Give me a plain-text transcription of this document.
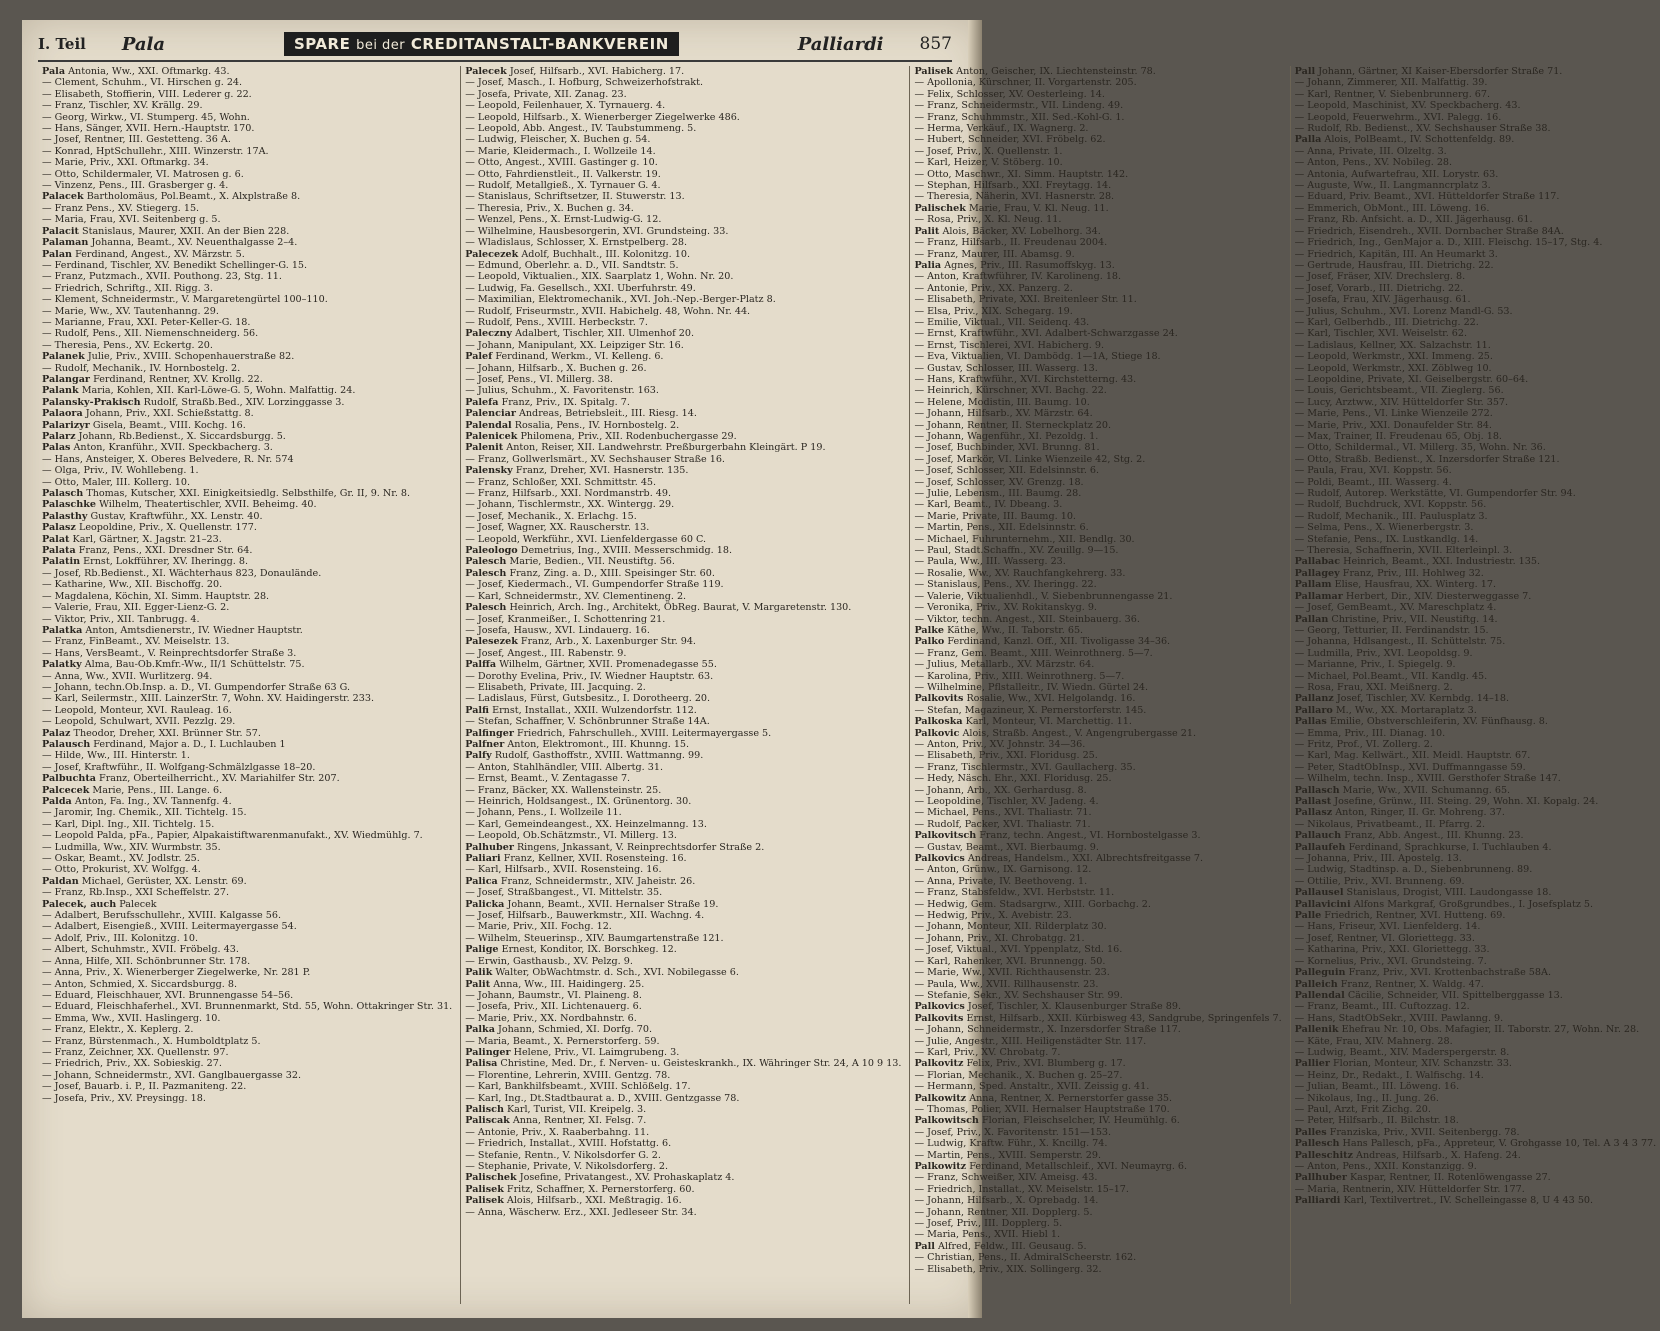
I. Teil Pala	SPARE bei der CREDITANSTALT-BANKVEREIN	Palliardi 857

Pala Antonia, Ww., XXI. Oftmarkg. 43.

— Clement, Schuhm., VI. Hirschen g. 24.

— Elisabeth, Stoffierin, VIII. Lederer g. 22.

— Franz, Tischler, XV. Krällg. 29.

— Georg, Wirkw., VI. Stumperg. 45, Wohn.

— Hans, Sänger, XVII. Hern.-Hauptstr. 170.

— Josef, Rentner, III. Gestetteng. 36 A.

— Konrad, HptSchullehr., XIII. Winzerstr. 17A.

— Marie, Priv., XXI. Oftmarkg. 34.

— Otto, Schildermaler, VI. Matrosen g. 6.

— Vinzenz, Pens., III. Grasberger g. 4.

Palacek Bartholomäus, Pol.Beamt., X. Alxplstraße 8.

— Franz Pens., XV. Stiegerg. 15.

— Maria, Frau, XVI. Seitenberg g. 5.

Palacit Stanislaus, Maurer, XXII. An der Bien 228.

Palaman Johanna, Beamt., XV. Neuenthalgasse 2–4.

Palan Ferdinand, Angest., XV. Märzstr. 5.

— Ferdinand, Tischler, XV. Benedikt Schellinger-G. 15.

— Franz, Putzmach., XVII. Pouthong. 23, Stg. 11.

— Friedrich, Schriftg., XII. Rigg. 3.

— Klement, Schneidermstr., V. Margaretengürtel 100–110.

— Marie, Ww., XV. Tautenhanng. 29.

— Marianne, Frau, XXI. Peter-Keller-G. 18.

— Rudolf, Pens., XII. Niemenschneiderg. 56.

— Theresia, Pens., XV. Eckertg. 20.

Palanek Julie, Priv., XVIII. Schopenhauerstraße 82.

— Rudolf, Mechanik., IV. Hornbostelg. 2.

Palangar Ferdinand, Rentner, XV. Krollg. 22.

Palank Maria, Kohlen, XII. Karl-Löwe-G. 5, Wohn. Malfattig. 24.

Palansky-Prakisch Rudolf, Straßb.Bed., XIV. Lorzinggasse 3.

Palaora Johann, Priv., XXI. Schießstattg. 8.

Palarizyr Gisela, Beamt., VIII. Kochg. 16.

Palarz Johann, Rb.Bedienst., X. Siccardsburgg. 5.

Palas Anton, Kranführ., XVII. Speckbacherg. 3.

— Hans, Ansteiger, X. Oberes Belvedere, R. Nr. 574

— Olga, Priv., IV. Wohllebeng. 1.

— Otto, Maler, III. Kollerg. 10.

Palasch Thomas, Kutscher, XXI. Einigkeitsiedlg. Selbsthilfe, Gr. II, 9. Nr. 8.

Palaschke Wilhelm, Theatertischler, XVII. Beheimg. 40.

Palasthy Gustav, Kraftwführ., XX. Lenstr. 40.

Palasz Leopoldine, Priv., X. Quellenstr. 177.

Palat Karl, Gärtner, X. Jagstr. 21–23.

Palata Franz, Pens., XXI. Dresdner Str. 64.

Palatin Ernst, Lokfführer, XV. Iheringg. 8.

— Josef, Rb.Bedienst., XI. Wächterhaus 823, Donaulände.

— Katharine, Ww., XII. Bischoffg. 20.

— Magdalena, Köchin, XI. Simm. Hauptstr. 28.

— Valerie, Frau, XII. Egger-Lienz-G. 2.

— Viktor, Priv., XII. Tanbrugg. 4.

Palatka Anton, Amtsdienerstr., IV. Wiedner Hauptstr.

— Franz, FinBeamt., XV. Meiselstr. 13.

— Hans, VersBeamt., V. Reinprechtsdorfer Straße 3.

Palatky Alma, Bau-Ob.Kmfr.-Ww., II/1 Schüttelstr. 75.

— Anna, Ww., XVII. Wurlitzerg. 94.

— Johann, techn.Ob.Insp. a. D., VI. Gumpendorfer Straße 63 G.

— Karl, Seilermstr., XIII. LainzerStr. 7, Wohn. XV. Haidingerstr. 233.

— Leopold, Monteur, XVI. Rauleag. 16.

— Leopold, Schulwart, XVII. Pezzlg. 29.

Palaz Theodor, Dreher, XXI. Brünner Str. 57.

Palausch Ferdinand, Major a. D., I. Luchlauben 1

— Hilde, Ww., III. Hinterstr. 1.

— Josef, Kraftwführ., II. Wolfgang-Schmälzlgasse 18–20.

Palbuchta Franz, Oberteilherricht., XV. Mariahilfer Str. 207.

Palcecek Marie, Pens., III. Lange. 6.

Palda Anton, Fa. Ing., XV. Tannenfg. 4.

— Jaromir, Ing. Chemik., XII. Tichtelg. 15.

— Karl, Dipl. Ing., XII. Tichtelg. 15.

— Leopold Palda, pFa., Papier, Alpakaistiftwarenmanufakt., XV. Wiedmühlg. 7.

— Ludmilla, Ww., XIV. Wurmbstr. 35.

— Oskar, Beamt., XV. Jodlstr. 25.

— Otto, Prokurist, XV. Wolfgg. 4.

Paldan Michael, Gerüster, XX. Lenstr. 69.

— Franz, Rb.Insp., XXI Scheffelstr. 27.

Palecek, auch Palecek

— Adalbert, Berufsschullehr., XVIII. Kalgasse 56.

— Adalbert, Eisengieß., XVIII. Leitermayergasse 54.

— Adolf, Priv., III. Kolonitzg. 10.

— Albert, Schuhmstr., XVII. Fröbelg. 43.

— Anna, Hilfe, XII. Schönbrunner Str. 178.

— Anna, Priv., X. Wienerberger Ziegelwerke, Nr. 281 P.

— Anton, Schmied, X. Siccardsburgg. 8.

— Eduard, Fleischhauer, XVI. Brunnengasse 54–56.

— Eduard, Fleischhaferhel., XVI. Brunnenmarkt, Std. 55, Wohn. Ottakringer Str. 31.

— Emma, Ww., XVII. Haslingerg. 10.

— Franz, Elektr., X. Keplerg. 2.

— Franz, Bürstenmach., X. Humboldtplatz 5.

— Franz, Zeichner, XX. Quellenstr. 97.

— Friedrich, Priv., XX. Sobieskig. 27.

— Johann, Schneidermstr., XVI. Ganglbauergasse 32.

— Josef, Bauarb. i. P., II. Pazmaniteng. 22.

— Josefa, Priv., XV. Preysingg. 18.

Palecek Josef, Hilfsarb., XVI. Habicherg. 17.

— Josef, Masch., I. Hofburg, Schweizerhofstrakt.

— Josefa, Private, XII. Zanag. 23.

— Leopold, Feilenhauer, X. Tyrnauerg. 4.

— Leopold, Hilfsarb., X. Wienerberger Ziegelwerke 486.

— Leopold, Abb. Angest., IV. Taubstummeng. 5.

— Ludwig, Fleischer, X. Buchen g. 54.

— Marie, Kleidermach., I. Wollzeile 14.

— Otto, Angest., XVIII. Gastinger g. 10.

— Otto, Fahrdienstleit., II. Valkerstr. 19.

— Rudolf, Metallgieß., X. Tyrnauer G. 4.

— Stanislaus, Schriftsetzer, II. Stuwerstr. 13.

— Theresia, Priv., X. Buchen g. 34.

— Wenzel, Pens., X. Ernst-Ludwig-G. 12.

— Wilhelmine, Hausbesorgerin, XVI. Grundsteing. 33.

— Wladislaus, Schlosser, X. Ernstpelberg. 28.

Palecezek Adolf, Buchhalt., III. Kolonitzg. 10.

— Edmund, Oberlehr. a. D., VII. Sandtstr. 5.

— Leopold, Viktualien., XIX. Saarplatz 1, Wohn. Nr. 20.

— Ludwig, Fa. Gesellsch., XXI. Uberfuhrstr. 49.

— Maximilian, Elektromechanik., XVI. Joh.-Nep.-Berger-Platz 8.

— Rudolf, Friseurmstr., XVII. Habichelg. 48, Wohn. Nr. 44.

— Rudolf, Pens., XVIII. Herbeckstr. 7.

Paleczny Adalbert, Tischler, XII. Ulmenhof 20.

— Johann, Manipulant, XX. Leipziger Str. 16.

Palef Ferdinand, Werkm., VI. Kelleng. 6.

— Johann, Hilfsarb., X. Buchen g. 26.

— Josef, Pens., VI. Millerg. 38.

— Julius, Schuhm., X. Favoritenstr. 163.

Palefa Franz, Priv., IX. Spitalg. 7.

Palenciar Andreas, Betriebsleit., III. Riesg. 14.

Palendal Rosalia, Pens., IV. Hornbostelg. 2.

Palenicek Philomena, Priv., XII. Rodenbuchergasse 29.

Palenit Anton, Reiser, XII. Landwehrstr. Preßburgerbahn Kleingärt. P 19.

— Franz, Gollwerlsmärt., XV. Sechshauser Straße 16.

Palensky Franz, Dreher, XVI. Hasnerstr. 135.

— Franz, Schloßer, XXI. Schmittstr. 45.

— Franz, Hilfsarb., XXI. Nordmanstrb. 49.

— Johann, Tischlermstr., XX. Wintergg. 29.

— Josef, Mechanik., X. Erlachg. 15.

— Josef, Wagner, XX. Rauscherstr. 13.

— Leopold, Werkführ., XVI. Lienfeldergasse 60 C.

Paleologo Demetrius, Ing., XVIII. Messerschmidg. 18.

Palesch Marie, Bedien., VII. Neustiftg. 56.

Palesch Franz, Zing. a. D., XIII. Speisinger Str. 60.

— Josef, Kiedermach., VI. Gumpendorfer Straße 119.

— Karl, Schneidermstr., XV. Clementineng. 2.

Palesch Heinrich, Arch. Ing., Architekt, ÖbReg. Baurat, V. Margaretenstr. 130.

— Josef, Kranmeißer., I. Schottenring 21.

— Josefa, Hausw., XVI. Lindauerg. 16.

Palesezek Franz, Arb., X. Laxenburger Str. 94.

— Josef, Angest., III. Rabenstr. 9.

Palffa Wilhelm, Gärtner, XVII. Promenadegasse 55.

— Dorothy Evelina, Priv., IV. Wiedner Hauptstr. 63.

— Elisabeth, Private, III. Jacquing. 2.

— Ladislaus, Fürst, Gutsbesitz., I. Dorotheerg. 20.

Palfi Ernst, Installat., XXII. Wulzendorfstr. 112.

— Stefan, Schaffner, V. Schönbrunner Straße 14A.

Palfinger Friedrich, Fahrschulleh., XVIII. Leitermayergasse 5.

Palfner Anton, Elektromont., III. Khunng. 15.

Palfy Rudolf, Gasthoffstr., XVIII. Wattmanng. 99.

— Anton, Stahlhändler, VIII. Albertg. 31.

— Ernst, Beamt., V. Zentagasse 7.

— Franz, Bäcker, XX. Wallensteinstr. 25.

— Heinrich, Holdsangest., IX. Grünentorg. 30.

— Johann, Pens., I. Wollzeile 11.

— Karl, Gemeindeangest., XX. Heinzelmanng. 13.

— Leopold, Ob.Schätzmstr., VI. Millerg. 13.

Palhuber Ringens, Jnkassant, V. Reinprechtsdorfer Straße 2.

Paliari Franz, Kellner, XVII. Rosensteing. 16.

— Karl, Hilfsarb., XVII. Rosensteing. 16.

Palica Franz, Schneidermstr., XIV. Jaheistr. 26.

— Josef, Straßbangest., VI. Mittelstr. 35.

Palicka Johann, Beamt., XVII. Hernalser Straße 19.

— Josef, Hilfsarb., Bauwerkmstr., XII. Wachng. 4.

— Marie, Priv., XII. Fochg. 12.

— Wilhelm, Steuerinsp., XIV. Baumgartenstraße 121.

Palige Ernest, Konditor, IX. Borschkeg. 12.

— Erwin, Gasthausb., XV. Pelzg. 9.

Palik Walter, ObWachtmstr. d. Sch., XVI. Nobilegasse 6.

Palit Anna, Ww., III. Haidingerg. 25.

— Johann, Baumstr., VI. Plaineng. 8.

— Josefa, Priv., XII. Lichtenauerg. 6.

— Marie, Priv., XX. Nordbahnstr. 6.

Palka Johann, Schmied, XI. Dorfg. 70.

— Maria, Beamt., X. Pernerstorferg. 59.

Palinger Helene, Priv., VI. Laimgrubeng. 3.

Palisa Christine, Med. Dr., f. Nerven- u. Geisteskrankh., IX. Währinger Str. 24, A 10 9 13.

— Florentine, Lehrerin, XVIII. Gentzg. 78.

— Karl, Bankhilfsbeamt., XVIII. Schlößelg. 17.

— Karl, Ing., Dt.Stadtbaurat a. D., XVIII. Gentzgasse 78.

Palisch Karl, Turist, VII. Kreipelg. 3.

Paliscak Anna, Rentner, XI. Felsg. 7.

— Antonie, Priv., X. Raaberbahng. 11.

— Friedrich, Installat., XVIII. Hofstattg. 6.

— Stefanie, Rentn., V. Nikolsdorfer G. 2.

— Stephanie, Private, V. Nikolsdorferg. 2.

Palischek Josefine, Privatangest., XV. Prohaskaplatz 4.

Palisek Fritz, Schaffner, X. Pernerstorferg. 60.

Palisek Alois, Hilfsarb., XXI. Meßtragig. 16.

— Anna, Wäscherw. Erz., XXI. Jedleseer Str. 34.

Palisek Anton, Geischer, IX. Liechtensteinstr. 78.

— Apollonia, Kürschner, II. Vorgartenstr. 205.

— Felix, Schlosser, XV. Oesterleing. 14.

— Franz, Schneidermstr., VII. Lindeng. 49.

— Franz, Schuhmmstr., XII. Sed.-Kohl-G. 1.

— Herma, Verkäuf., IX. Wagnerg. 2.

— Hubert, Schneider, XVI. Fröbelg. 62.

— Josef, Priv., X. Quellenstr. 1.

— Karl, Heizer, V. Stöberg. 10.

— Otto, Maschwr., XI. Simm. Hauptstr. 142.

— Stephan, Hilfsarb., XXI. Freytagg. 14.

— Theresia, Näherin, XVI. Hasnerstr. 28.

Palischek Marie, Frau, V. Kl. Neug. 11.

— Rosa, Priv., X. Kl. Neug. 11.

Palit Alois, Bäcker, XV. Lobelhorg. 34.

— Franz, Hilfsarb., II. Freudenau 2004.

— Franz, Maurer, III. Abamsg. 9.

Palia Agnes, Priv., III. Rasumoffskyg. 13.

— Anton, Kraftwführer, IV. Karolineng. 18.

— Antonie, Priv., XX. Panzerg. 2.

— Elisabeth, Private, XXI. Breitenleer Str. 11.

— Elsa, Priv., XIX. Schegarg. 19.

— Emilie, Viktual., VII. Seidenq. 43.

— Ernst, Kraftwführ., XVI. Adalbert-Schwarzgasse 24.

— Ernst, Tischlerei, XVI. Habicherg. 9.

— Eva, Viktualien, VI. Dambödg. 1—1A, Stiege 18.

— Gustav, Schlosser, III. Wasserg. 13.

— Hans, Kraftwführ., XVI. Kirchstetterng. 43.

— Heinrich, Kürschner, XVI. Bachg. 22.

— Helene, Modistin, III. Baumg. 10.

— Johann, Hilfsarb., XV. Märzstr. 64.

— Johann, Rentner, II. Sterneckplatz 20.

— Johann, Wagenführ., XI. Pezoldg. 1.

— Josef, Buchbinder, XVI. Brunng. 81.

— Josef, Markör, VI. Linke Wienzeile 42, Stg. 2.

— Josef, Schlosser, XII. Edelsinnstr. 6.

— Josef, Schlosser, XV. Grenzg. 18.

— Julie, Lebensm., III. Baumg. 28.

— Karl, Beamt., IV. Dbeang. 3.

— Marie, Private, III. Baumg. 10.

— Martin, Pens., XII. Edelsinnstr. 6.

— Michael, Fuhrunternehm., XII. Bendlg. 30.

— Paul, Stadt.Schaffn., XV. Zeuillg. 9—15.

— Paula, Ww., III. Wasserg. 23.

— Rosalie, Ww., XV. Rauchfangkehrerg. 33.

— Stanislaus, Pens., XV. Iheringg. 22.

— Valerie, Viktualienhdl., V. Siebenbrunnengasse 21.

— Veronika, Priv., XV. Rokitanskyg. 9.

— Viktor, techn. Angest., XII. Steinbauerg. 36.

Palke Käthe, Ww., II. Taborstr. 65.

Palko Ferdinand, Kanzl. Off., XII. Tivoligasse 34–36.

— Franz, Gem. Beamt., XIII. Weinrothnerg. 5—7.

— Julius, Metallarb., XV. Märzstr. 64.

— Karolina, Priv., XIII. Weinrothnerg. 5—7.

— Wilhelmine, Pflstalleitr., IV. Wiedn. Gürtel 24.

Palkovits Rosalie, Ww., XVI. Helgolandg. 16.

— Stefan, Magazineur, X. Pernerstorferstr. 145.

Palkoska Karl, Monteur, VI. Marchettig. 11.

Palkovic Alois, Straßb. Angest., V. Angengrubergasse 21.

— Anton, Priv., XV. Johnstr. 34—36.

— Elisabeth, Priv., XXI. Floridusg. 25.

— Franz, Tischlermstr., XVI. Gaullacherg. 35.

— Hedy, Näsch. Ehr., XXI. Floridusg. 25.

— Johann, Arb., XX. Gerhardusg. 8.

— Leopoldine, Tischler, XV. Jadeng. 4.

— Michael, Pens., XVI. Thaliastr. 71.

— Rudolf, Packer, XVI. Thaliastr. 71.

Palkovitsch Franz, techn. Angest., VI. Hornbostelgasse 3.

— Gustav, Beamt., XVI. Bierbaumg. 9.

Palkovics Andreas, Handelsm., XXI. Albrechtsfreitgasse 7.

— Anton, Grünw., IX. Garnisong. 12.

— Anna, Private, IV. Beethoveng. 1.

— Franz, Stabsfeldw., XVI. Herbststr. 11.

— Hedwig, Gem. Stadsargrw., XIII. Gorbachg. 2.

— Hedwig, Priv., X. Avebistr. 23.

— Johann, Monteur, XII. Rilderplatz 30.

— Johann, Priv., XI. Chrobatgg. 21.

— Josef, Viktual., XVI. Yppenplatz, Std. 16.

— Karl, Rahenker, XVI. Brunnengg. 50.

— Marie, Ww., XVII. Richthausenstr. 23.

— Paula, Ww., XVII. Rillhausenstr. 23.

— Stefanie, Sekr., XV. Sechshauser Str. 99.

Palkovics Josef, Tischler, X. Klausenburger Straße 89.

Palkovits Ernst, Hilfsarb., XXII. Kürbisweg 43, Sandgrube, Springenfels 7.

— Johann, Schneidermstr., X. Inzersdorfer Straße 117.

— Julie, Angestr., XIII. Heiligenstädter Str. 117.

— Karl, Priv., XV. Chrobatg. 7.

Palkovitz Felix, Priv., XVI. Blumberg g. 17.

— Florian, Mechanik., X. Buchen g. 25–27.

— Hermann, Sped. Anstaltr., XVII. Zeissig g. 41.

Palkowitz Anna, Rentner, X. Pernerstorfer gasse 35.

— Thomas, Polier, XVII. Hernalser Hauptstraße 170.

Palkowitsch Florian, Fleischselcher, IV. Heumühlg. 6.

— Josef, Priv., X. Favoritenstr. 151—153.

— Ludwig, Kraftw. Führ., X. Kncillg. 74.

— Martin, Pens., XVIII. Semperstr. 29.

Palkowitz Ferdinand, Metallschleif., XVI. Neumayrg. 6.

— Franz, Schweißer, XIV. Ameisg. 43.

— Friedrich, Installat., XV. Meiselstr. 15–17.

— Johann, Hilfsarb., X. Oprebadg. 14.

— Johann, Rentner, XII. Dopplerg. 5.

— Josef, Priv., III. Dopplerg. 5.

— Maria, Pens., XVII. Hiebl 1.

Pall Alfred, Feldw., III. Geusaug. 5.

— Christian, Pens., II. AdmiralSchеerstr. 162.

— Elisabeth, Priv., XIX. Sollingerg. 32.

Pall Johann, Gärtner, XI Kaiser-Ebersdorfer Straße 71.

— Johann, Zimmerer, XII. Malfattig. 39.

— Karl, Rentner, V. Siebenbrunnerg. 67.

— Leopold, Maschinist, XV. Speckbacherg. 43.

— Leopold, Feuerwehrm., XVI. Palegg. 16.

— Rudolf, Rb. Bedienst., XV. Sechshauser Straße 38.

Palla Alois, PolBeamt., IV. Schottenfeldg. 89.

— Anna, Private, III. Olzeltg. 3.

— Anton, Pens., XV. Nobileg. 28.

— Antonia, Aufwartefrau, XII. Lorystr. 63.

— Auguste, Ww., II. Langmanncrplatz 3.

— Eduard, Priv. Beamt., XVI. Hütteldorfer Straße 117.

— Emmerich, ObMont., III. Löweng. 16.

— Franz, Rb. Anfsicht. a. D., XII. Jägerhausg. 61.

— Friedrich, Eisendreh., XVII. Dornbacher Straße 84A.

— Friedrich, Ing., GenMajor a. D., XIII. Fleischg. 15–17, Stg. 4.

— Friedrich, Kapitän, III. An Heumarkt 3.

— Gertrude, Hausfrau, III. Dietrichg. 22.

— Josef, Fräser, XIV. Drechslerg. 8.

— Josef, Vorarb., III. Dietrichg. 22.

— Josefa, Frau, XIV. Jägerhausg. 61.

— Julius, Schuhm., XVI. Lorenz Mandl-G. 53.

— Karl, Gelberhdb., III. Dietrichg. 22.

— Karl, Tischler, XVI. Weiselstr. 62.

— Ladislaus, Kellner, XX. Salzachstr. 11.

— Leopold, Werkmstr., XXI. Immeng. 25.

— Leopold, Werkmstr., XXI. Zöblweg 10.

— Leopoldine, Private, XI. Geiselbergstr. 60–64.

— Louis, Gerichtsbeamt., VII. Zieglerg. 56.

— Lucy, Arztww., XIV. Hütteldorfer Str. 357.

— Marie, Pens., VI. Linke Wienzeile 272.

— Marie, Priv., XXI. Donaufelder Str. 84.

— Max, Trainer, II. Freudenau 65, Obj. 18.

— Otto, Schildermal., VI. Millerg. 35, Wohn. Nr. 36.

— Otto, Straßb. Bedienst., X. Inzersdorfer Straße 121.

— Paula, Frau, XVI. Koppstr. 56.

— Poldi, Beamt., III. Wasserg. 4.

— Rudolf, Autorep. Werkstätte, VI. Gumpendorfer Str. 94.

— Rudolf, Buchdruck, XVI. Koppstr. 56.

— Rudolf, Mechanik., III. Paulusplatz 3.

— Selma, Pens., X. Wienerbergstr. 3.

— Stefanie, Pens., IX. Lustkandlg. 14.

— Theresia, Schaffnerin, XVII. Elterleinpl. 3.

Pallabac Heinrich, Beamt., XXI. Industriestr. 135.

Pallagey Franz, Priv., III. Hohlweg 32.

Pallam Elise, Hausfrau, XX. Winterg. 17.

Pallamar Herbert, Dir., XIV. Diesterweggasse 7.

— Josef, GemBeamt., XV. Mareschplatz 4.

Pallan Christine, Priv., VII. Neustiftg. 14.

— Georg, Tetturier, II. Ferdinandstr. 15.

— Johanna, Hdlsangest., II. Schüttelstr. 75.

— Ludmilla, Priv., XVI. Leopoldsg. 9.

— Marianne, Priv., I. Spiegelg. 9.

— Michael, Pol.Beamt., VII. Kandlg. 45.

— Rosa, Frau, XXI. Meißnerg. 2.

Pallanz Josef, Tischler, XV. Kernbdg. 14–18.

Pallaro M., Ww., XX. Mortaraplatz 3.

Pallas Emilie, Obstverschleiferin, XV. Fünfhausg. 8.

— Emma, Priv., III. Dianag. 10.

— Fritz, Prof., VI. Zollerg. 2.

— Karl, Mag. Kellwärt., XII. Meidl. Hauptstr. 67.

— Peter, StadtObInsp., XVI. Duffmanngasse 59.

— Wilhelm, techn. Insp., XVIII. Gersthofer Straße 147.

Pallasch Marie, Ww., XVII. Schumanng. 65.

Pallast Josefine, Grünw., III. Steing. 29, Wohn. XI. Kopalg. 24.

Pallasz Anton, Ringer, II. Gr. Mohreng. 37.

— Nikolaus, Privatbeamt., II. Pfarrg. 2.

Pallauch Franz, Abb. Angest., III. Khunng. 23.

Pallaufeh Ferdinand, Sprachkurse, I. Tuchlauben 4.

— Johanna, Priv., III. Apostelg. 13.

— Ludwig, Stadtinsp. a. D., Siebenbrunneng. 89.

— Ottilie, Priv., XVI. Brunneng. 69.

Pallausel Stanislaus, Drogist, VIII. Laudongasse 18.

Pallavicini Alfons Markgraf, Großgrundbes., I. Josefsplatz 5.

Palle Friedrich, Rentner, XVI. Hutteng. 69.

— Hans, Friseur, XVI. Lienfelderg. 14.

— Josef, Rentner, VI. Gloriettegg. 33.

— Katharina, Priv., XXI. Gloriettegg. 33.

— Kornelius, Priv., XVI. Grundsteing. 7.

Palleguin Franz, Priv., XVI. Krottenbachstraße 58A.

Palleich Franz, Rentner, X. Waldg. 47.

Pallendal Cäcilie, Schneider, VII. Spittelberggasse 13.

— Franz, Beamt., III. Cuftozzag. 12.

— Hans, StadtObSekr., XVIII. Pawlanng. 9.

Pallenik Ehefrau Nr. 10, Obs. Mafagier, II. Taborstr. 27, Wohn. Nr. 28.

— Käte, Frau, XIV. Mahnerg. 28.

— Ludwig, Beamt., XIV. Maderspergerstr. 8.

Pallier Florian, Monteur, XIV. Schanzstr. 33.

— Heinz, Dr., Redakt., I. Walfischg. 14.

— Julian, Beamt., III. Löweng. 16.

— Nikolaus, Ing., II. Jung. 26.

— Paul, Arzt, Frit Zichg. 20.

— Peter, Hilfsarb., II. Bilchstr. 18.

Palles Franziska, Priv., XVII. Seitenbergg. 78.

Pallesch Hans Pallesch, pFa., Appreteur, V. Grohgasse 10, Tel. A 3 4 3 77.

Palleschitz Andreas, Hilfsarb., X. Hafeng. 24.

— Anton, Pens., XXII. Konstanzigg. 9.

Pallhuber Kaspar, Rentner, II. Rotenlöwengasse 27.

— Maria, Rentnerin, XIV. Hütteldorfer Str. 177.

Palliardi Karl, Textilvertret., IV. Schelleingasse 8, U 4 43 50.
